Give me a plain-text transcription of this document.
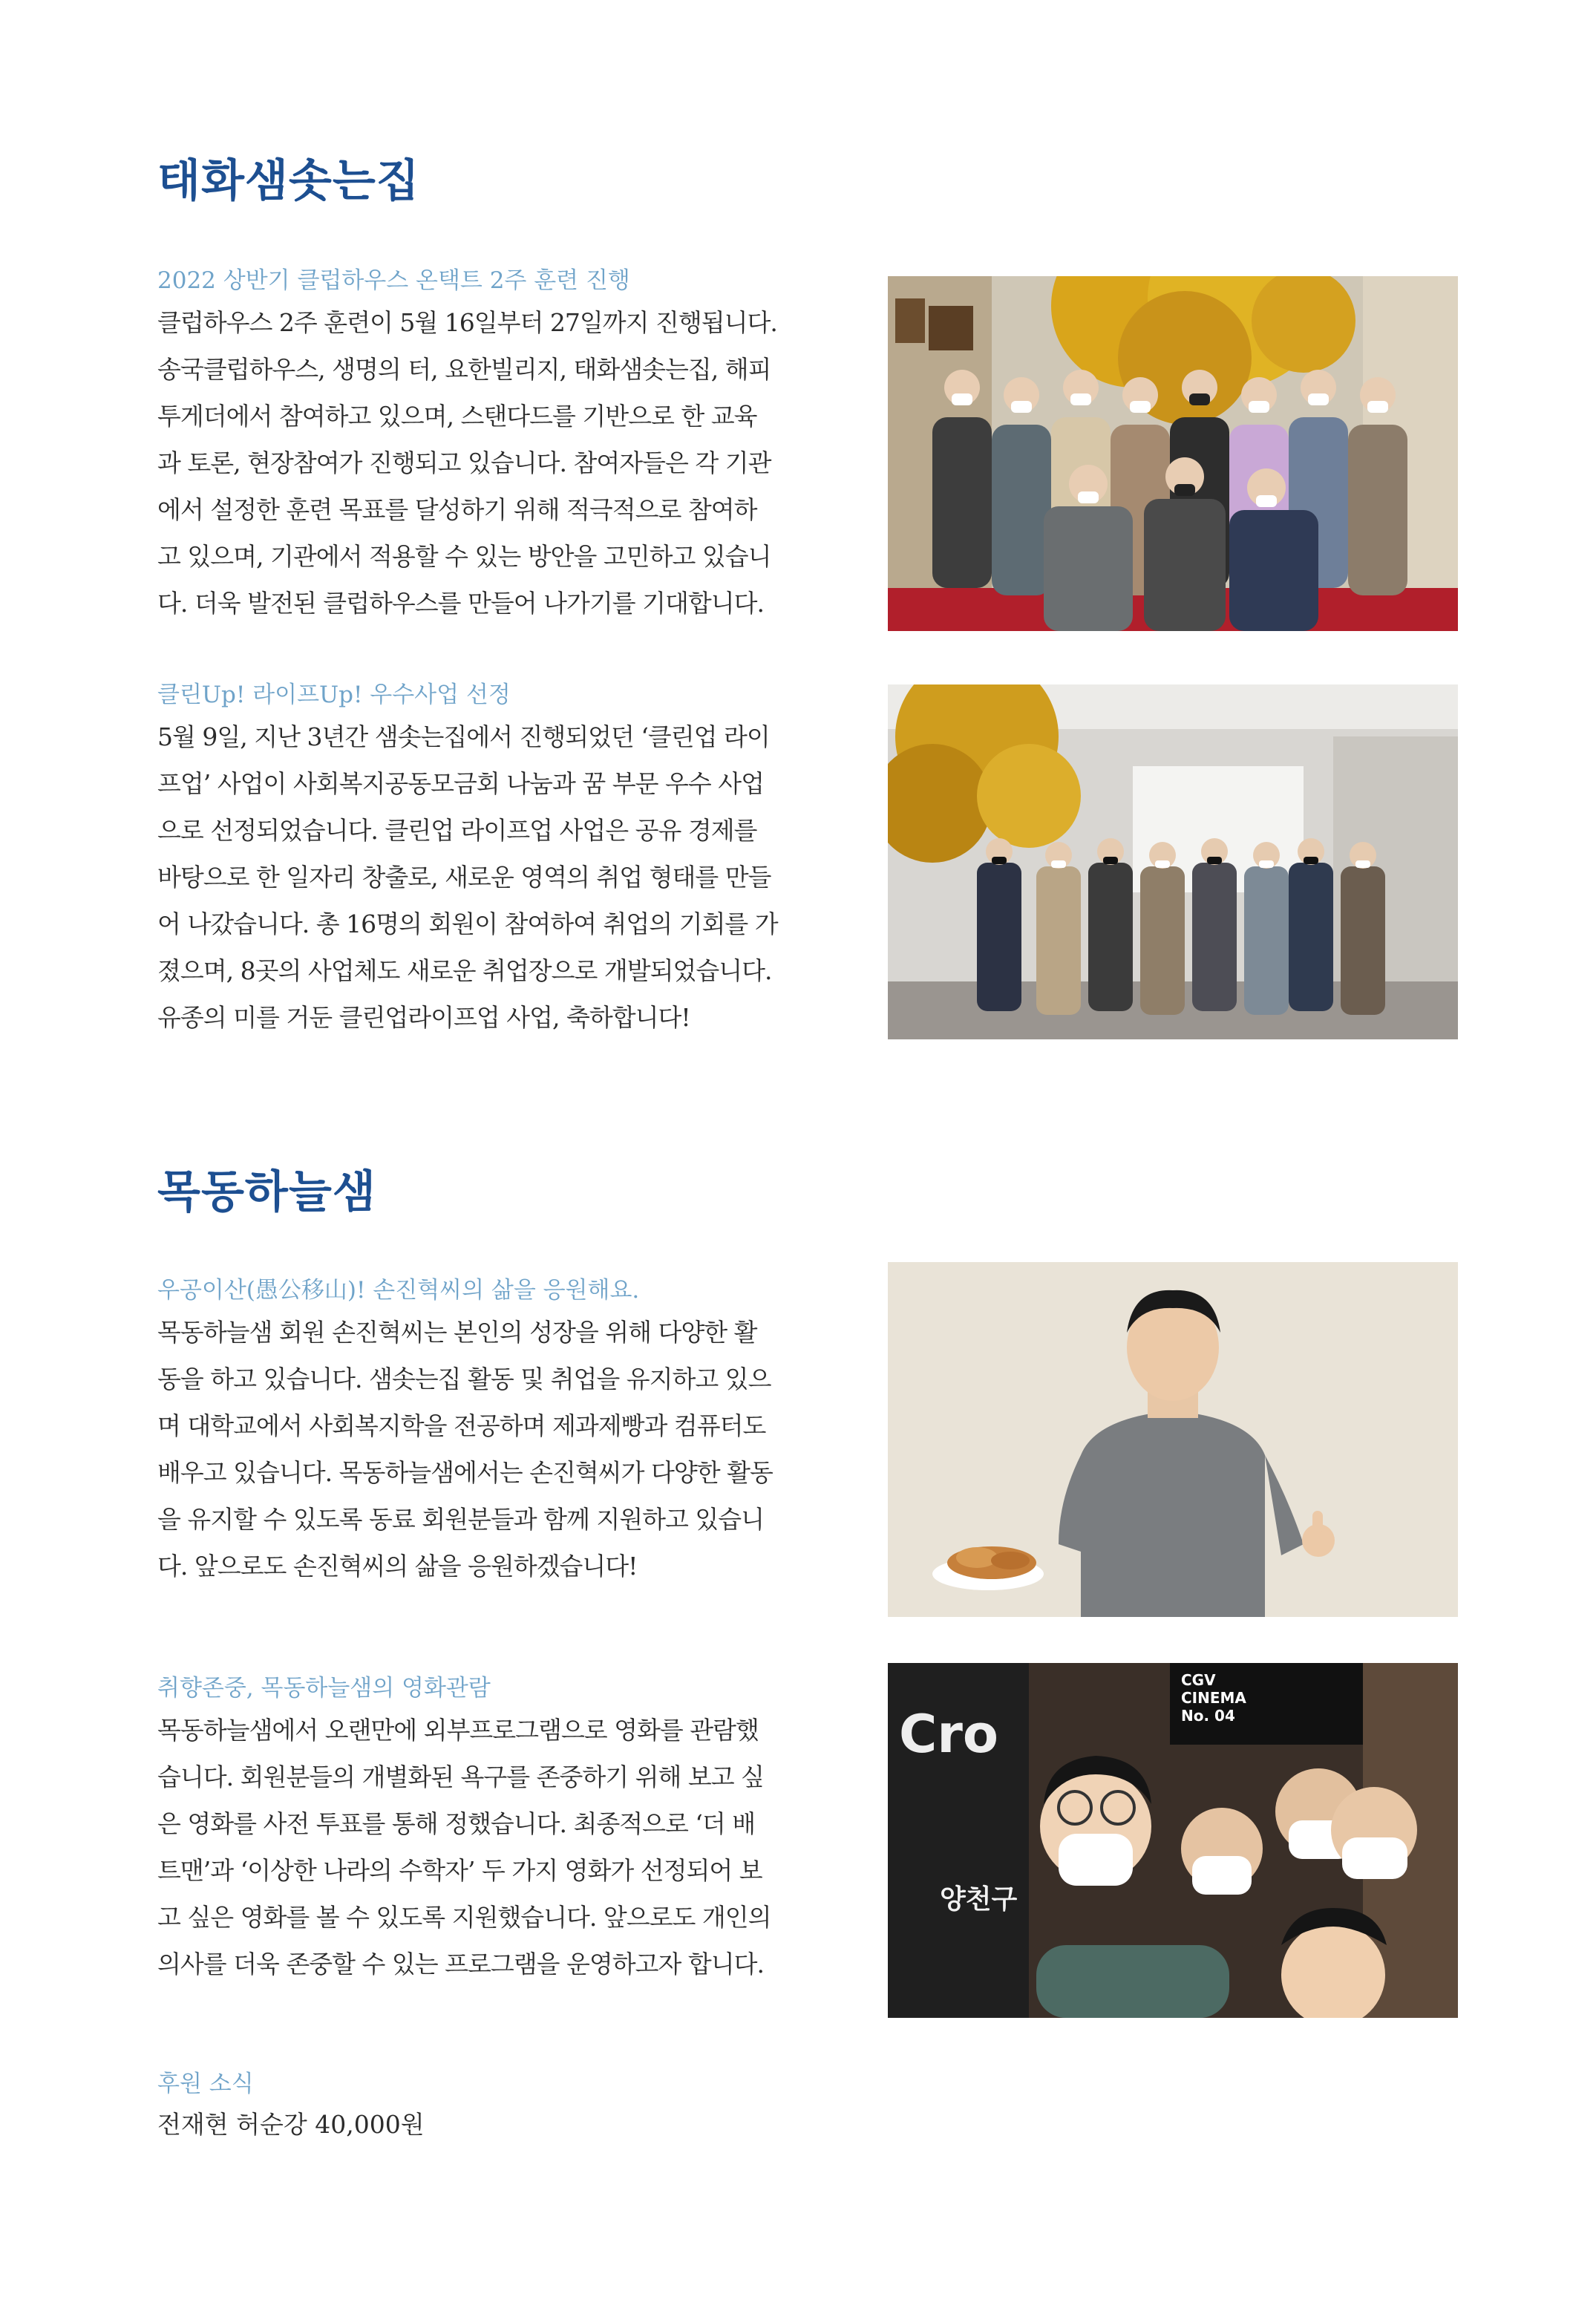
태화샘솟는집

2022 상반기 클럽하우스 온택트 2주 훈련 진행

클럽하우스 2주 훈련이 5월 16일부터 27일까지 진행됩니다.

송국클럽하우스, 생명의 터, 요한빌리지, 태화샘솟는집, 해피

투게더에서 참여하고 있으며, 스탠다드를 기반으로 한 교육

과 토론, 현장참여가 진행되고 있습니다. 참여자들은 각 기관

에서 설정한 훈련 목표를 달성하기 위해 적극적으로 참여하

고 있으며, 기관에서 적용할 수 있는 방안을 고민하고 있습니

다. 더욱 발전된 클럽하우스를 만들어 나가기를 기대합니다.

클린Up! 라이프Up! 우수사업 선정

5월 9일, 지난 3년간 샘솟는집에서 진행되었던 ‘클린업 라이

프업’ 사업이 사회복지공동모금회 나눔과 꿈 부문 우수 사업

으로 선정되었습니다. 클린업 라이프업 사업은 공유 경제를

바탕으로 한 일자리 창출로, 새로운 영역의 취업 형태를 만들

어 나갔습니다. 총 16명의 회원이 참여하여 취업의 기회를 가

졌으며, 8곳의 사업체도 새로운 취업장으로 개발되었습니다.

유종의 미를 거둔 클린업라이프업 사업, 축하합니다!

목동하늘샘

우공이산(愚公移山)! 손진혁씨의 삶을 응원해요.

목동하늘샘 회원 손진혁씨는 본인의 성장을 위해 다양한 활

동을 하고 있습니다. 샘솟는집 활동 및 취업을 유지하고 있으

며 대학교에서 사회복지학을 전공하며 제과제빵과 컴퓨터도

배우고 있습니다. 목동하늘샘에서는 손진혁씨가 다양한 활동

을 유지할 수 있도록 동료 회원분들과 함께 지원하고 있습니

다. 앞으로도 손진혁씨의 삶을 응원하겠습니다!

취향존중, 목동하늘샘의 영화관람

목동하늘샘에서 오랜만에 외부프로그램으로 영화를 관람했

습니다. 회원분들의 개별화된 욕구를 존중하기 위해 보고 싶

은 영화를 사전 투표를 통해 정했습니다. 최종적으로 ‘더 배

트맨’과 ‘이상한 나라의 수학자’ 두 가지 영화가 선정되어 보

고 싶은 영화를 볼 수 있도록 지원했습니다. 앞으로도 개인의

의사를 더욱 존중할 수 있는 프로그램을 운영하고자 합니다.

Cro
양천구
CGV CINEMA No. 04

후원 소식

전재현 허순강 40,000원
